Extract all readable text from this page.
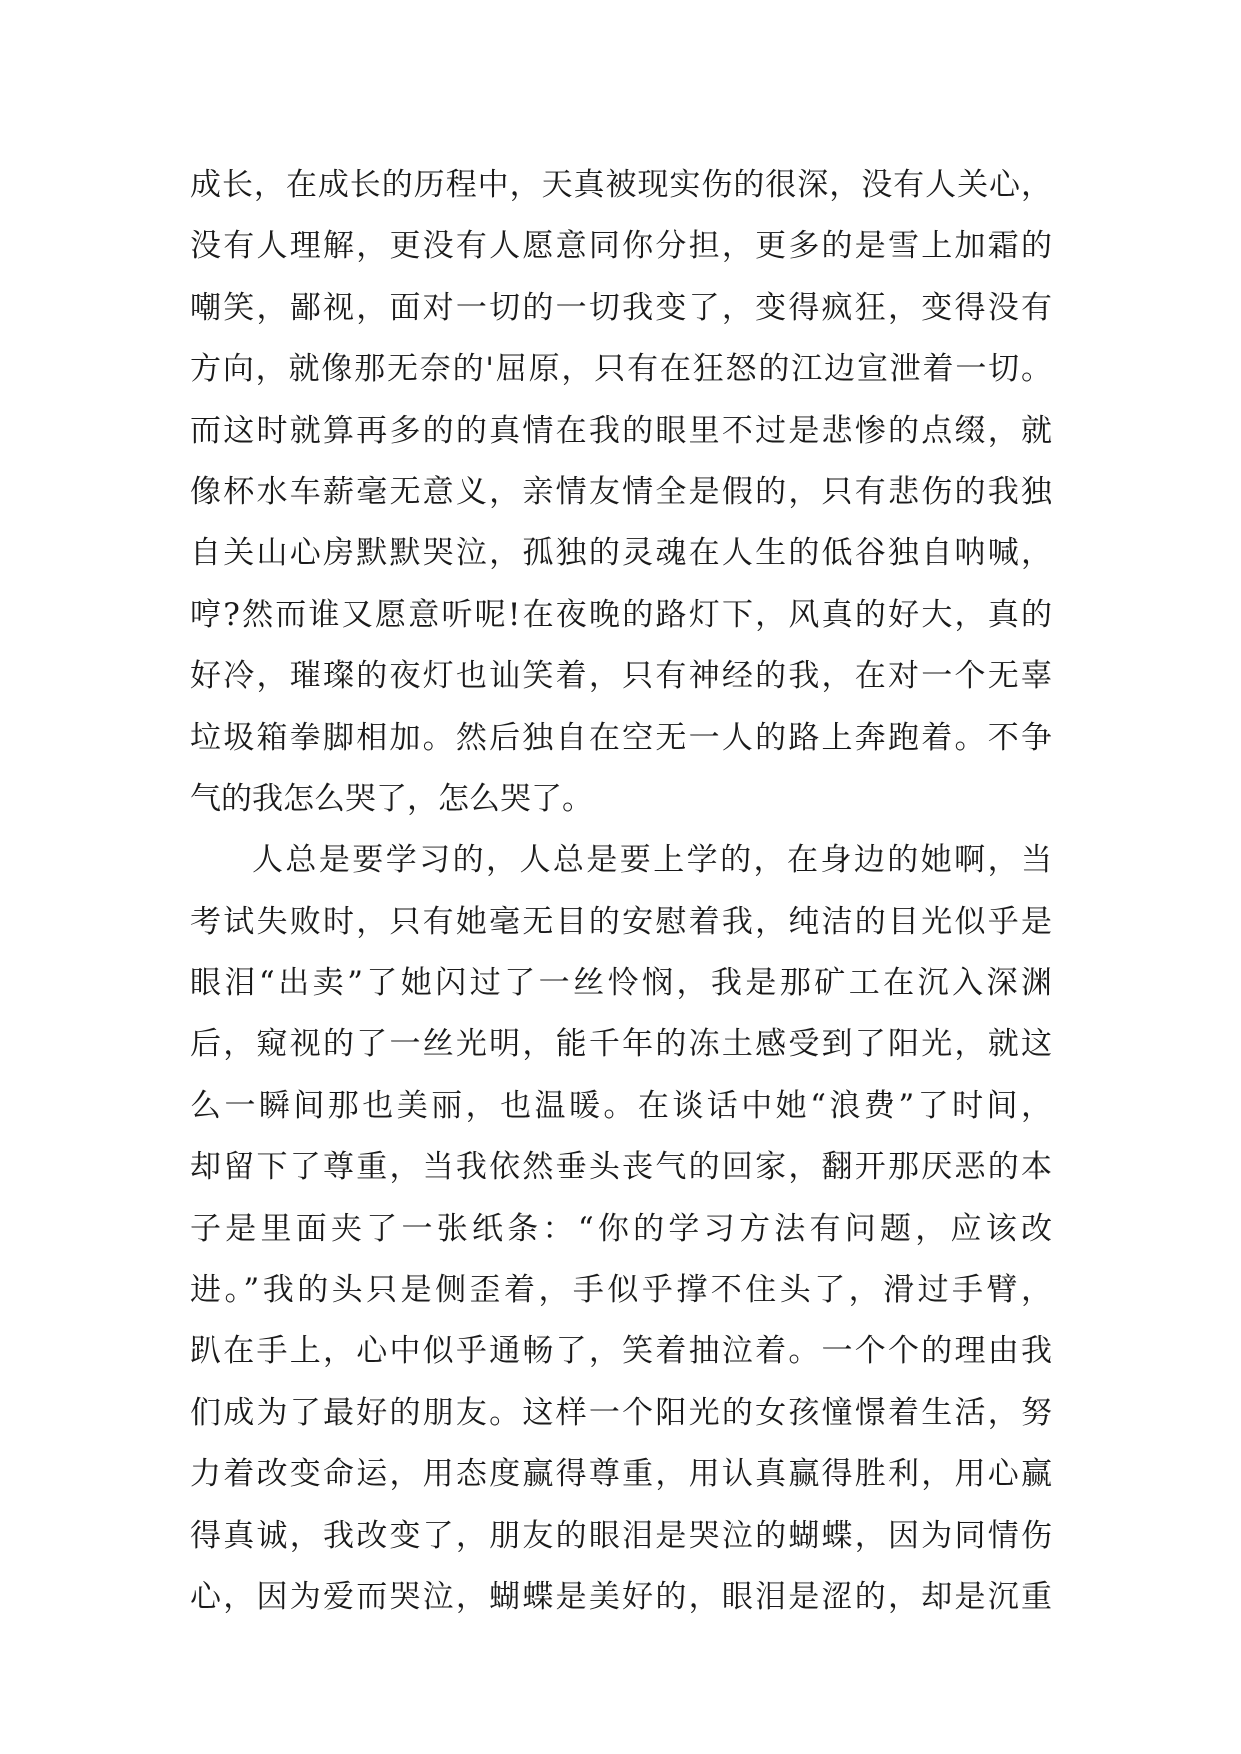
成长，在成长的历程中，天真被现实伤的很深，没有人关心，
没有人理解，更没有人愿意同你分担，更多的是雪上加霜的
嘲笑，鄙视，面对一切的一切我变了，变得疯狂，变得没有
方向，就像那无奈的'屈原，只有在狂怒的江边宣泄着一切。
而这时就算再多的的真情在我的眼里不过是悲惨的点缀，就
像杯水车薪毫无意义，亲情友情全是假的，只有悲伤的我独
自关山心房默默哭泣，孤独的灵魂在人生的低谷独自呐喊，
哼?然而谁又愿意听呢!在夜晚的路灯下，风真的好大，真的
好冷，璀璨的夜灯也讪笑着，只有神经的我，在对一个无辜
垃圾箱拳脚相加。然后独自在空无一人的路上奔跑着。不争
气的我怎么哭了，怎么哭了。
人总是要学习的，人总是要上学的，在身边的她啊，当
考试失败时，只有她毫无目的安慰着我，纯洁的目光似乎是
眼泪“出卖”了她闪过了一丝怜悯，我是那矿工在沉入深渊
后，窥视的了一丝光明，能千年的冻土感受到了阳光，就这
么一瞬间那也美丽，也温暖。在谈话中她“浪费”了时间，
却留下了尊重，当我依然垂头丧气的回家，翻开那厌恶的本
子是里面夹了一张纸条：“你的学习方法有问题，应该改
进。”我的头只是侧歪着，手似乎撑不住头了，滑过手臂，
趴在手上，心中似乎通畅了，笑着抽泣着。一个个的理由我
们成为了最好的朋友。这样一个阳光的女孩憧憬着生活，努
力着改变命运，用态度赢得尊重，用认真赢得胜利，用心赢
得真诚，我改变了，朋友的眼泪是哭泣的蝴蝶，因为同情伤
心，因为爱而哭泣，蝴蝶是美好的，眼泪是涩的，却是沉重
